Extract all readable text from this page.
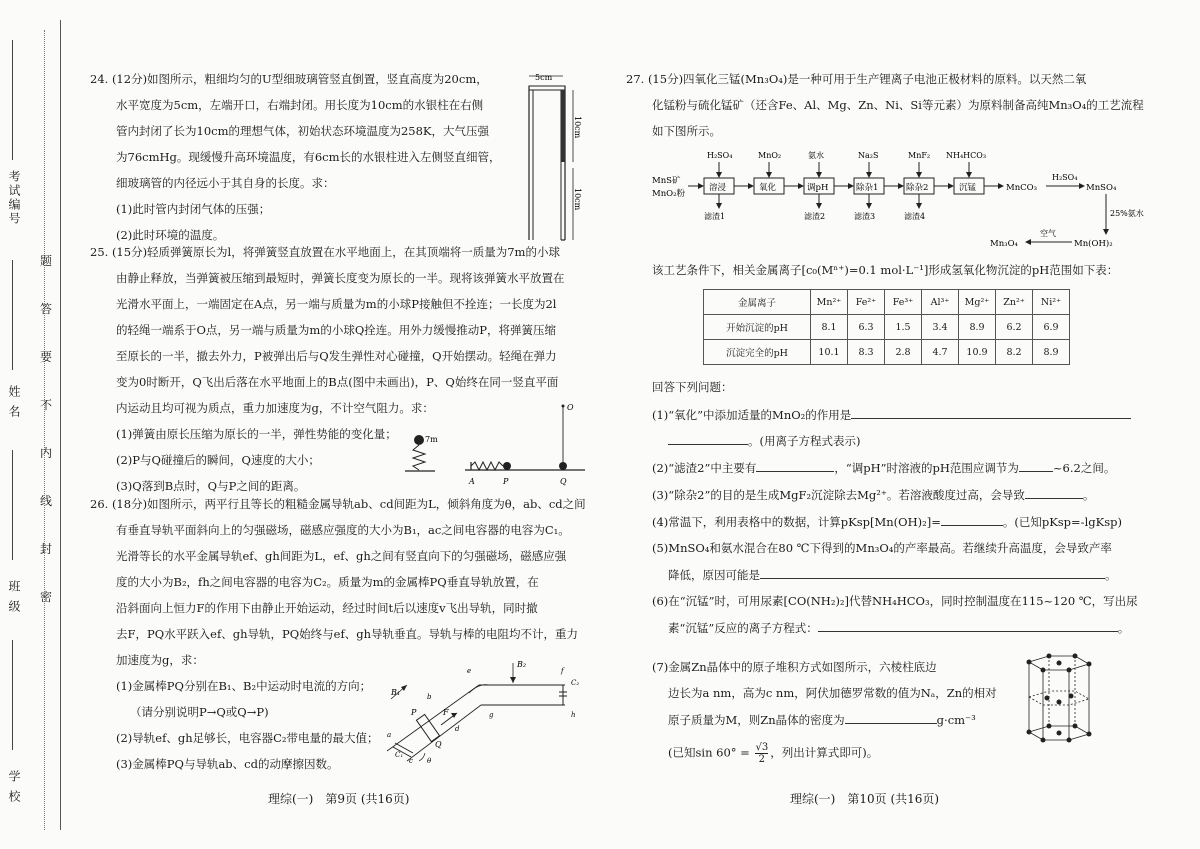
考试编号
姓 名
班 级
学 校
题
答
要
不
内
线
封
密
24. (12分)如图所示，粗细均匀的U型细玻璃管竖直倒置，竖直高度为20cm，
水平宽度为5cm，左端开口，右端封闭。用长度为10cm的水银柱在右侧
管内封闭了长为10cm的理想气体，初始状态环境温度为258K，大气压强
为76cmHg。现缓慢升高环境温度，有6cm长的水银柱进入左侧竖直细管，
细玻璃管的内径远小于其自身的长度。求：
(1)此时管内封闭气体的压强；
(2)此时环境的温度。
5cm
10cm
10cm
25. (15分)轻质弹簧原长为l，将弹簧竖直放置在水平地面上，在其顶端将一质量为7m的小球
由静止释放，当弹簧被压缩到最短时，弹簧长度变为原长的一半。现将该弹簧水平放置在
光滑水平面上，一端固定在A点，另一端与质量为m的小球P接触但不拴连；一长度为2l
的轻绳一端系于O点，另一端与质量为m的小球Q拴连。用外力缓慢推动P，将弹簧压缩
至原长的一半，撤去外力，P被弹出后与Q发生弹性对心碰撞，Q开始摆动。轻绳在弹力
变为0时断开，Q飞出后落在水平地面上的B点(图中未画出)，P、Q始终在同一竖直平面
内运动且均可视为质点，重力加速度为g，不计空气阻力。求：
(1)弹簧由原长压缩为原长的一半，弹性势能的变化量；
(2)P与Q碰撞后的瞬间，Q速度的大小；
(3)Q落到B点时，Q与P之间的距离。
7m
O
A	P	Q
26. (18分)如图所示，两平行且等长的粗糙金属导轨ab、cd间距为L，倾斜角度为θ，ab、cd之间
有垂直导轨平面斜向上的匀强磁场，磁感应强度的大小为B₁，ac之间电容器的电容为C₁。
光滑等长的水平金属导轨ef、gh间距为L，ef、gh之间有竖直向下的匀强磁场，磁感应强
度的大小为B₂，fh之间电容器的电容为C₂。质量为m的金属棒PQ垂直导轨放置，在
沿斜面向上恒力F的作用下由静止开始运动，经过时间t后以速度v飞出导轨，同时撤
去F，PQ水平跃入ef、gh导轨，PQ始终与ef、gh导轨垂直。导轨与棒的电阻均不计，重力
加速度为g，求：
(1)金属棒PQ分别在B₁、B₂中运动时电流的方向；
（请分别说明P→Q或Q→P)
(2)导轨ef、gh足够长，电容器C₂带电量的最大值；
(3)金属棒PQ与导轨ab、cd的动摩擦因数。
B₁
B₂
C₁
C₂
F
P
Q
a
b
c
d
e	f
g	h
θ
理综(一)　第9页 (共16页)
27. (15分)四氧化三锰(Mn₃O₄)是一种可用于生产锂离子电池正极材料的原料。以天然二氧
化锰粉与硫化锰矿（还含Fe、Al、Mg、Zn、Ni、Si等元素）为原料制备高纯Mn₃O₄的工艺流程
如下图所示。
MnS矿
MnO₂粉
H₂SO₄	MnO₂	氨水	Na₂S	MnF₂ NH₄HCO₃
溶浸	氧化	调pH	除杂1	除杂2	沉锰
滤渣1	滤渣2	滤渣3	滤渣4
MnCO₃
H₂SO₄
MnSO₄
25%氨水
Mn(OH)₂
空气
Mn₃O₄
该工艺条件下，相关金属离子[c₀(Mⁿ⁺)=0.1 mol·L⁻¹]形成氢氧化物沉淀的pH范围如下表：
金属离子	Mn²⁺	Fe²⁺	Fe³⁺	Al³⁺	Mg²⁺	Zn²⁺	Ni²⁺
开始沉淀的pH	8.1	6.3	1.5	3.4	8.9	6.2	6.9
沉淀完全的pH	10.1	8.3	2.8	4.7	10.9	8.2	8.9
回答下列问题：
(1)“氧化”中添加适量的MnO₂的作用是
。(用离子方程式表示)
(2)“滤渣2”中主要有	，“调pH”时溶液的pH范围应调节为	~6.2之间。
(3)“除杂2”的目的是生成MgF₂沉淀除去Mg²⁺。若溶液酸度过高，会导致	。
(4)常温下，利用表格中的数据，计算pKsp[Mn(OH)₂]=	。(已知pKsp=-lgKsp)
(5)MnSO₄和氨水混合在80 ℃下得到的Mn₃O₄的产率最高。若继续升高温度，会导致产率
降低，原因可能是	。
(6)在“沉锰”时，可用尿素[CO(NH₂)₂]代替NH₄HCO₃，同时控制温度在115~120 ℃，写出尿
素“沉锰”反应的离子方程式：	。
(7)金属Zn晶体中的原子堆积方式如图所示，六棱柱底边
边长为a nm，高为c nm，阿伏加德罗常数的值为Nₐ，Zn的相对
原子质量为M，则Zn晶体的密度为	g·cm⁻³
(已知$\sin 60^\circ = \frac{√3}{2}$ ，列出计算式即可)。
理综(一)　第10页 (共16页)
